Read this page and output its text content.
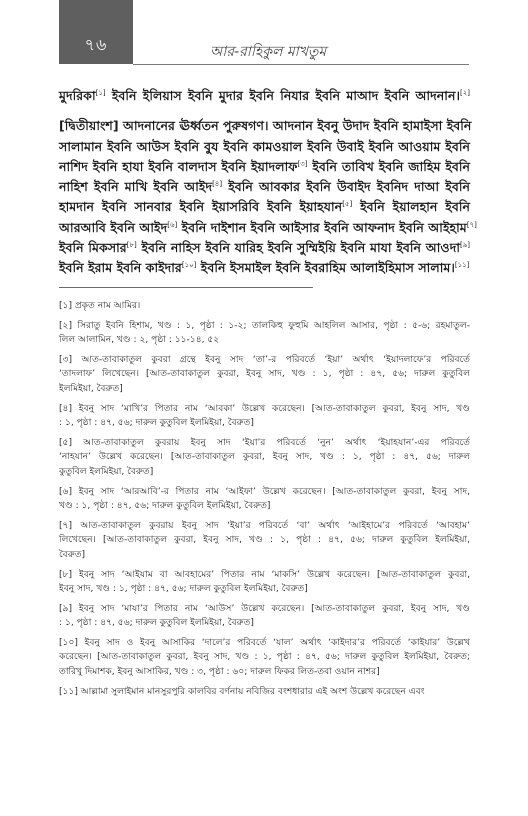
৭৬	আর-রাহিকুল মাখতুম

মুদরিকা[১] ইবনি ইলিয়াস ইবনি মুদার ইবনি নিযার ইবনি মাআদ ইবনি আদনান।[২]

[দ্বিতীয়াংশ] আদনানের ঊর্ধ্বতন পুরুষগণ। আদনান ইবনু উদাদ ইবনি হামাইসা ইবনি
সালামান ইবনি আউস ইবনি বুয ইবনি কামওয়াল ইবনি উবাই ইবনি আওয়াম ইবনি
নাশিদ ইবনি হাযা ইবনি বালদাস ইবনি ইয়াদলাফ[৩] ইবনি তাবিখ ইবনি জাহিম ইবনি
নাহিশ ইবনি মাখি ইবনি আইদ[৪] ইবনি আবকার ইবনি উবাইদ ইবনিদ দাআ ইবনি
হামদান ইবনি সানবার ইবনি ইয়াসরিবি ইবনি ইয়াহযান[৫] ইবনি ইয়ালহান ইবনি
আরআবি ইবনি আইদ[৬] ইবনি দাইশান ইবনি আইসার ইবনি আফনাদ ইবনি আইহাম[৭]
ইবনি মিকসার[৮] ইবনি নাহিস ইবনি যারিহ ইবনি সুম্মিইয়ি ইবনি মাযা ইবনি আওদা[৯]
ইবনি ইরাম ইবনি কাইদার[১০] ইবনি ইসমাইল ইবনি ইবরাহিম আলাইহিমাস সালাম।[১১]

[১] প্রকৃত নাম আমির।
[২] সিরাতু ইবনি হিশাম, খণ্ড : ১, পৃষ্ঠা : ১-২; তালকিহু ফুহুমি আহলিল আসার, পৃষ্ঠা : ৫-৬; রহমাতুল-
লিল আলামিন, খণ্ড : ২, পৃষ্ঠা : ১১-১৪, ৫২
[৩] আত-তাবাকাতুল কুবরা গ্রন্থে ইবনু সাদ ‘তা’-র পরিবর্তে ‘ইয়া’ অর্থাৎ ‘ইয়াদলাফে’র পরিবর্তে
‘তাদলাফ’ লিখেছেন। [আত-তাবাকাতুল কুবরা, ইবনু সাদ, খণ্ড : ১, পৃষ্ঠা : ৪৭, ৫৬; দারুল কুতুবিল
ইলমিইয়া, বৈরুত]
[৪] ইবনু সাদ ‘মাখি’র পিতার নাম ‘আবকা’ উল্লেখ করেছেন। [আত-তাবাকাতুল কুবরা, ইবনু সাদ, খণ্ড
: ১, পৃষ্ঠা : ৪৭, ৫৬; দারুল কুতুবিল ইলমিইয়া, বৈরুত]
[৫] আত-তাবাকাতুল কুবরায় ইবনু সাদ ‘ইয়া’র পরিবর্তে ‘নুন’ অর্থাৎ ‘ইয়াহযান’-এর পরিবর্তে
‘নাহযান’ উল্লেখ করেছেন। [আত-তাবাকাতুল কুবরা, ইবনু সাদ, খণ্ড : ১, পৃষ্ঠা : ৪৭, ৫৬; দারুল
কুতুবিল ইলমিইয়া, বৈরুত]
[৬] ইবনু সাদ ‘আরআবি’-র পিতার নাম ‘আইফা’ উল্লেখ করেছেন। [আত-তাবাকাতুল কুবরা, ইবনু সাদ,
খণ্ড : ১, পৃষ্ঠা : ৪৭, ৫৬; দারুল কুতুবিল ইলমিইয়া, বৈরুত]
[৭] আত-তাবাকাতুল কুবরায় ইবনু সাদ ‘ইয়া’র পরিবর্তে ‘বা’ অর্থাৎ ‘আইহামে’র পরিবর্তে ‘আবহাম’
লিখেছেন। [আত-তাবাকাতুল কুবরা, ইবনু সাদ, খণ্ড : ১, পৃষ্ঠা : ৪৭, ৫৬; দারুল কুতুবিল ইলমিইয়া,
বৈরুত]
[৮] ইবনু সাদ ‘আইযাম বা আবহামের’ পিতার নাম ‘মাকসি’ উল্লেখ করেছেন। [আত-তাবাকাতুল কুবরা,
ইবনু সাদ, খণ্ড : ১, পৃষ্ঠা : ৪৭, ৫৬; দারুল কুতুবিল ইলমিইয়া, বৈরুত]
[৯] ইবনু সাদ ‘মাযা’র পিতার নাম ‘আউস’ উল্লেখ করেছেন। [আত-তাবাকাতুল কুবরা, ইবনু সাদ, খণ্ড
: ১, পৃষ্ঠা : ৪৭, ৫৬; দারুল কুতুবিল ইলমিইয়া, বৈরুত]
[১০] ইবনু সাদ ও ইবনু আসাকির ‘দালে’র পরিবর্তে ‘যাল’ অর্থাৎ ‘কাইদার’র পরিবর্তে ‘কাইযার’ উল্লেখ
করেছেন। [আত-তাবাকাতুল কুবরা, ইবনু সাদ, খণ্ড : ১, পৃষ্ঠা : ৪৭, ৫৬; দারুল কুতুবিল ইলমিইয়া, বৈরুত;
তারিখু দিমাশক, ইবনু আসাকির, খণ্ড : ৩, পৃষ্ঠা : ৬০; দারুল ফিকর লিত-তবা ওয়ান নাশর]
[১১] আল্লামা সুলাইমান মানসুরপুরি কালবির বর্ণনায় নবিজির বংশধারার এই অংশ উল্লেখ করেছেন এবং
